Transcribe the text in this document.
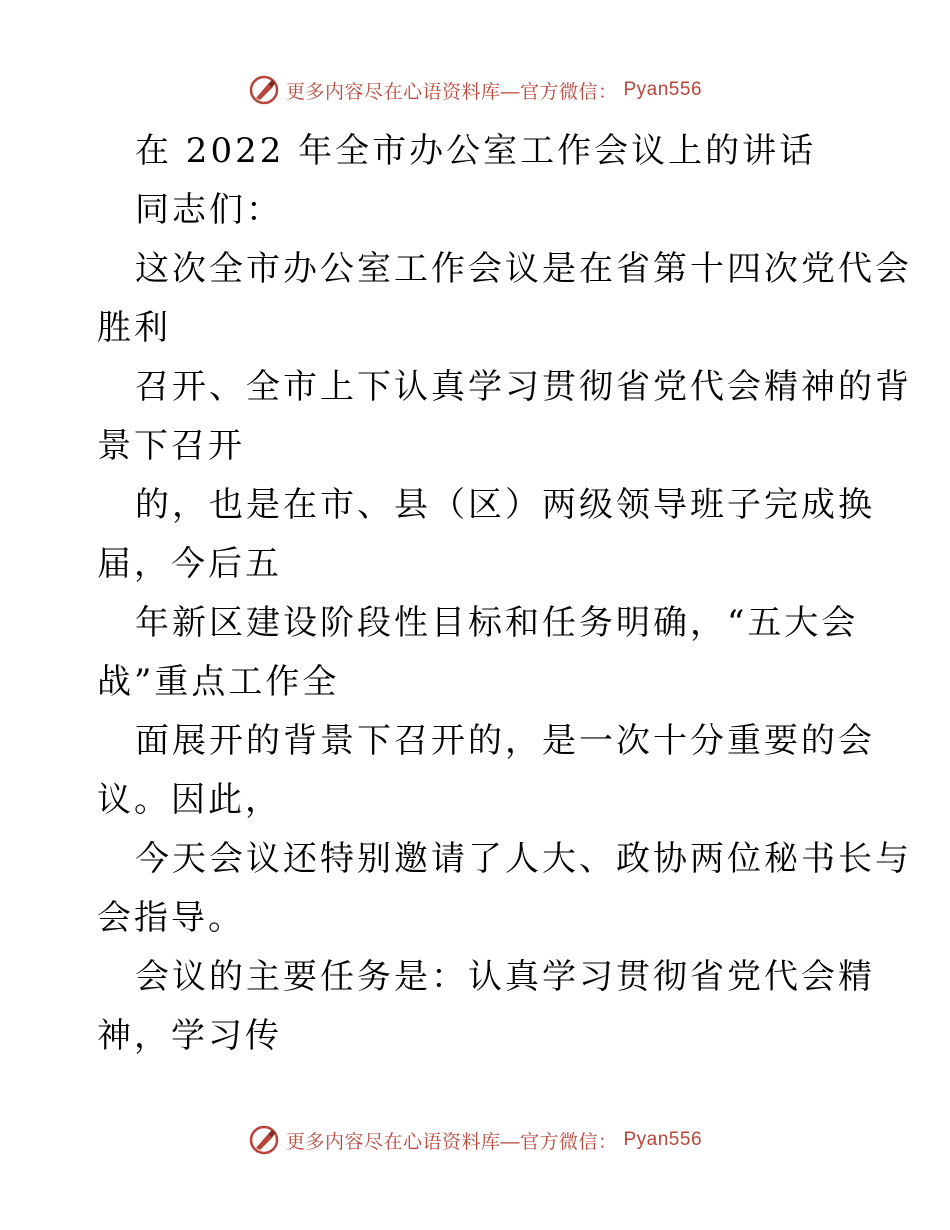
更多内容尽在心语资料库—官方微信： Pyan556
在 2022 年全市办公室工作会议上的讲话
同志们：
这次全市办公室工作会议是在省第十四次党代会
胜利
召开、全市上下认真学习贯彻省党代会精神的背
景下召开
的，也是在市、县（区）两级领导班子完成换
届，今后五
年新区建设阶段性目标和任务明确，“五大会
战”重点工作全
面展开的背景下召开的，是一次十分重要的会
议。因此，
今天会议还特别邀请了人大、政协两位秘书长与
会指导。
会议的主要任务是：认真学习贯彻省党代会精
神，学习传
更多内容尽在心语资料库—官方微信： Pyan556
